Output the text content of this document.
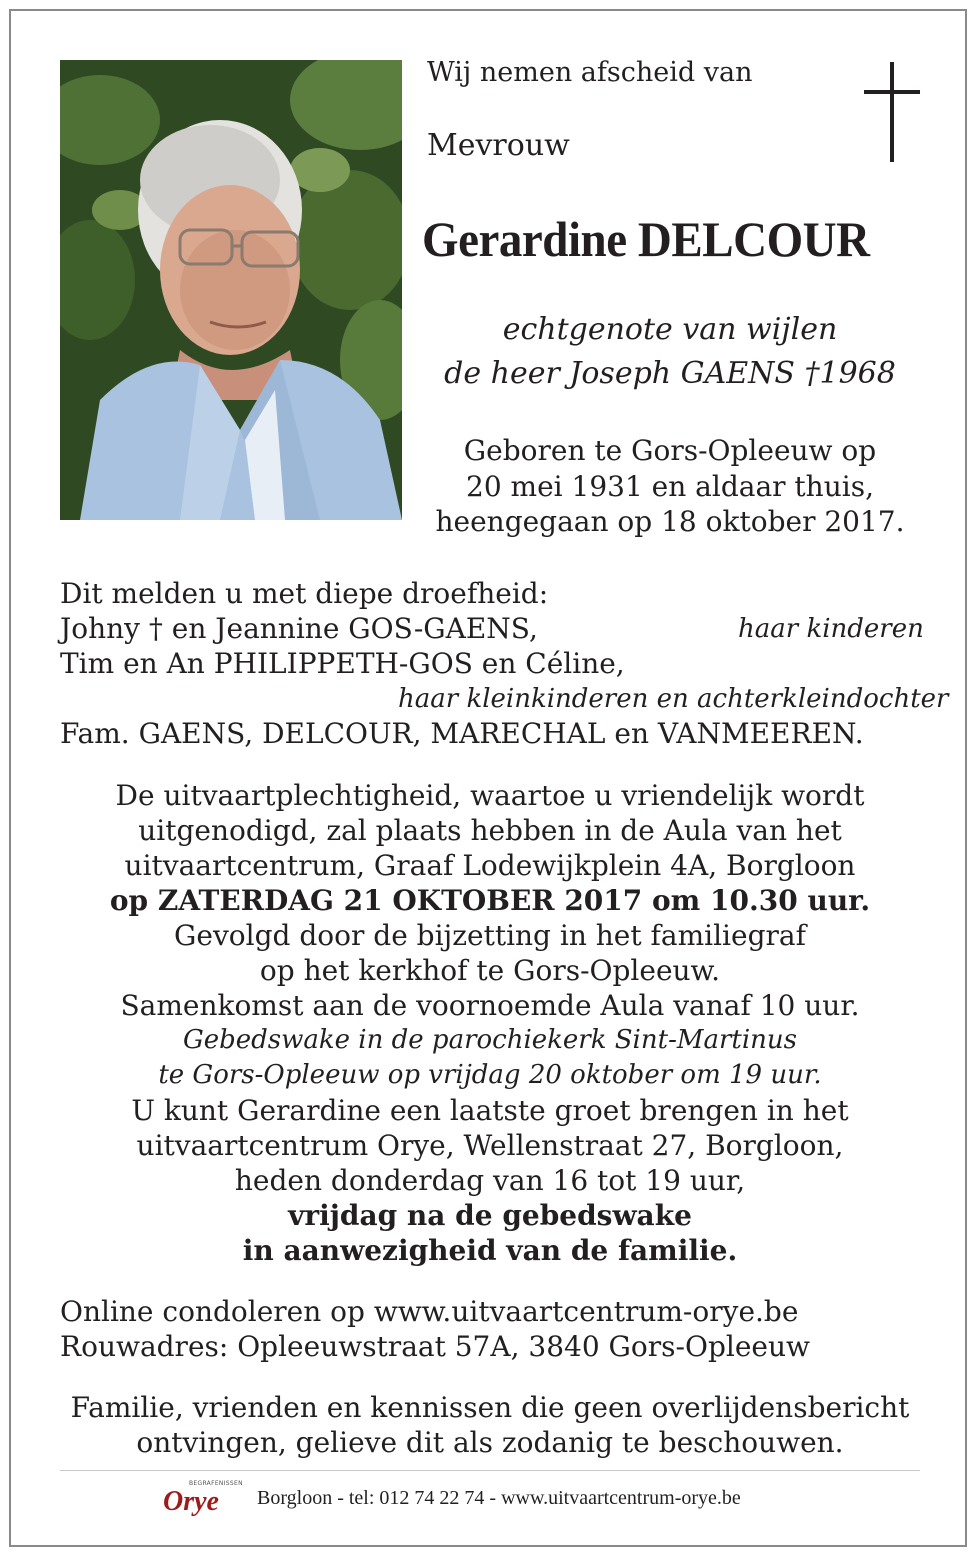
Wij nemen afscheid van

Mevrouw

Gerardine DELCOUR

echtgenote van wijlen

de heer Joseph GAENS †1968

Geboren te Gors-Opleeuw op

20 mei 1931 en aldaar thuis,

heengegaan op 18 oktober 2017.

Dit melden u met diepe droefheid:

Johny † en Jeannine GOS-GAENS,	haar kinderen

Tim en An PHILIPPETH-GOS en Céline,

haar kleinkinderen en achterkleindochter

Fam. GAENS, DELCOUR, MARECHAL en VANMEEREN.

De uitvaartplechtigheid, waartoe u vriendelijk wordt

uitgenodigd, zal plaats hebben in de Aula van het

uitvaartcentrum, Graaf Lodewijkplein 4A, Borgloon

op ZATERDAG 21 OKTOBER 2017 om 10.30 uur.

Gevolgd door de bijzetting in het familiegraf

op het kerkhof te Gors-Opleeuw.

Samenkomst aan de voornoemde Aula vanaf 10 uur.

Gebedswake in de parochiekerk Sint-Martinus

te Gors-Opleeuw op vrijdag 20 oktober om 19 uur.

U kunt Gerardine een laatste groet brengen in het

uitvaartcentrum Orye, Wellenstraat 27, Borgloon,

heden donderdag van 16 tot 19 uur,

vrijdag na de gebedswake

in aanwezigheid van de familie.

Online condoleren op www.uitvaartcentrum-orye.be

Rouwadres: Opleeuwstraat 57A, 3840 Gors-Opleeuw

Familie, vrienden en kennissen die geen overlijdensbericht

ontvingen, gelieve dit als zodanig te beschouwen.

BEGRAFENISSEN
Orye Borgloon - tel: 012 74 22 74 - www.uitvaartcentrum-orye.be
